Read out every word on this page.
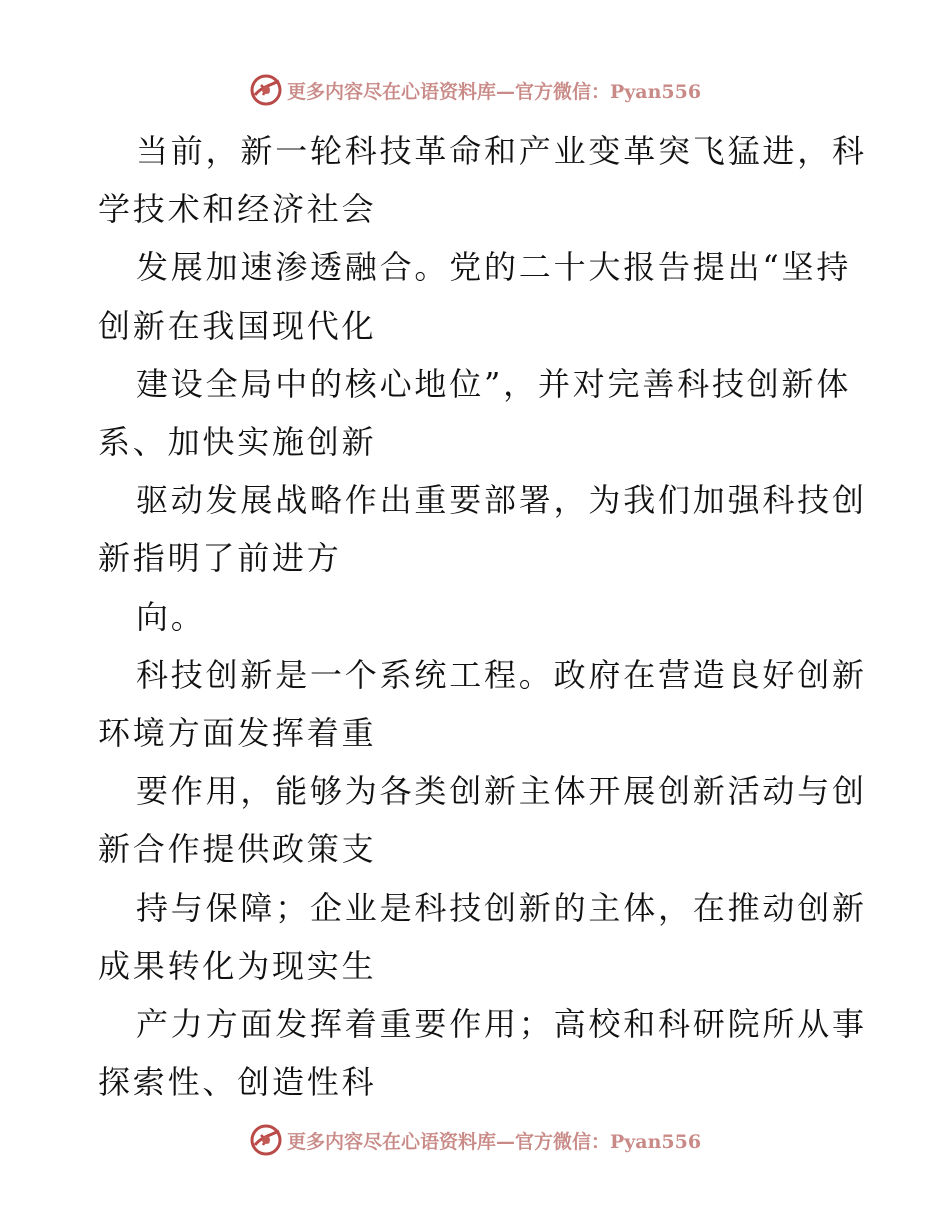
更多内容尽在心语资料库—官方微信：Pyan556
当前，新一轮科技革命和产业变革突飞猛进，科
学技术和经济社会
发展加速渗透融合。党的二十大报告提出“坚持
创新在我国现代化
建设全局中的核心地位”，并对完善科技创新体
系、加快实施创新
驱动发展战略作出重要部署，为我们加强科技创
新指明了前进方
向。
科技创新是一个系统工程。政府在营造良好创新
环境方面发挥着重
要作用，能够为各类创新主体开展创新活动与创
新合作提供政策支
持与保障；企业是科技创新的主体，在推动创新
成果转化为现实生
产力方面发挥着重要作用；高校和科研院所从事
探索性、创造性科
更多内容尽在心语资料库—官方微信：Pyan556
